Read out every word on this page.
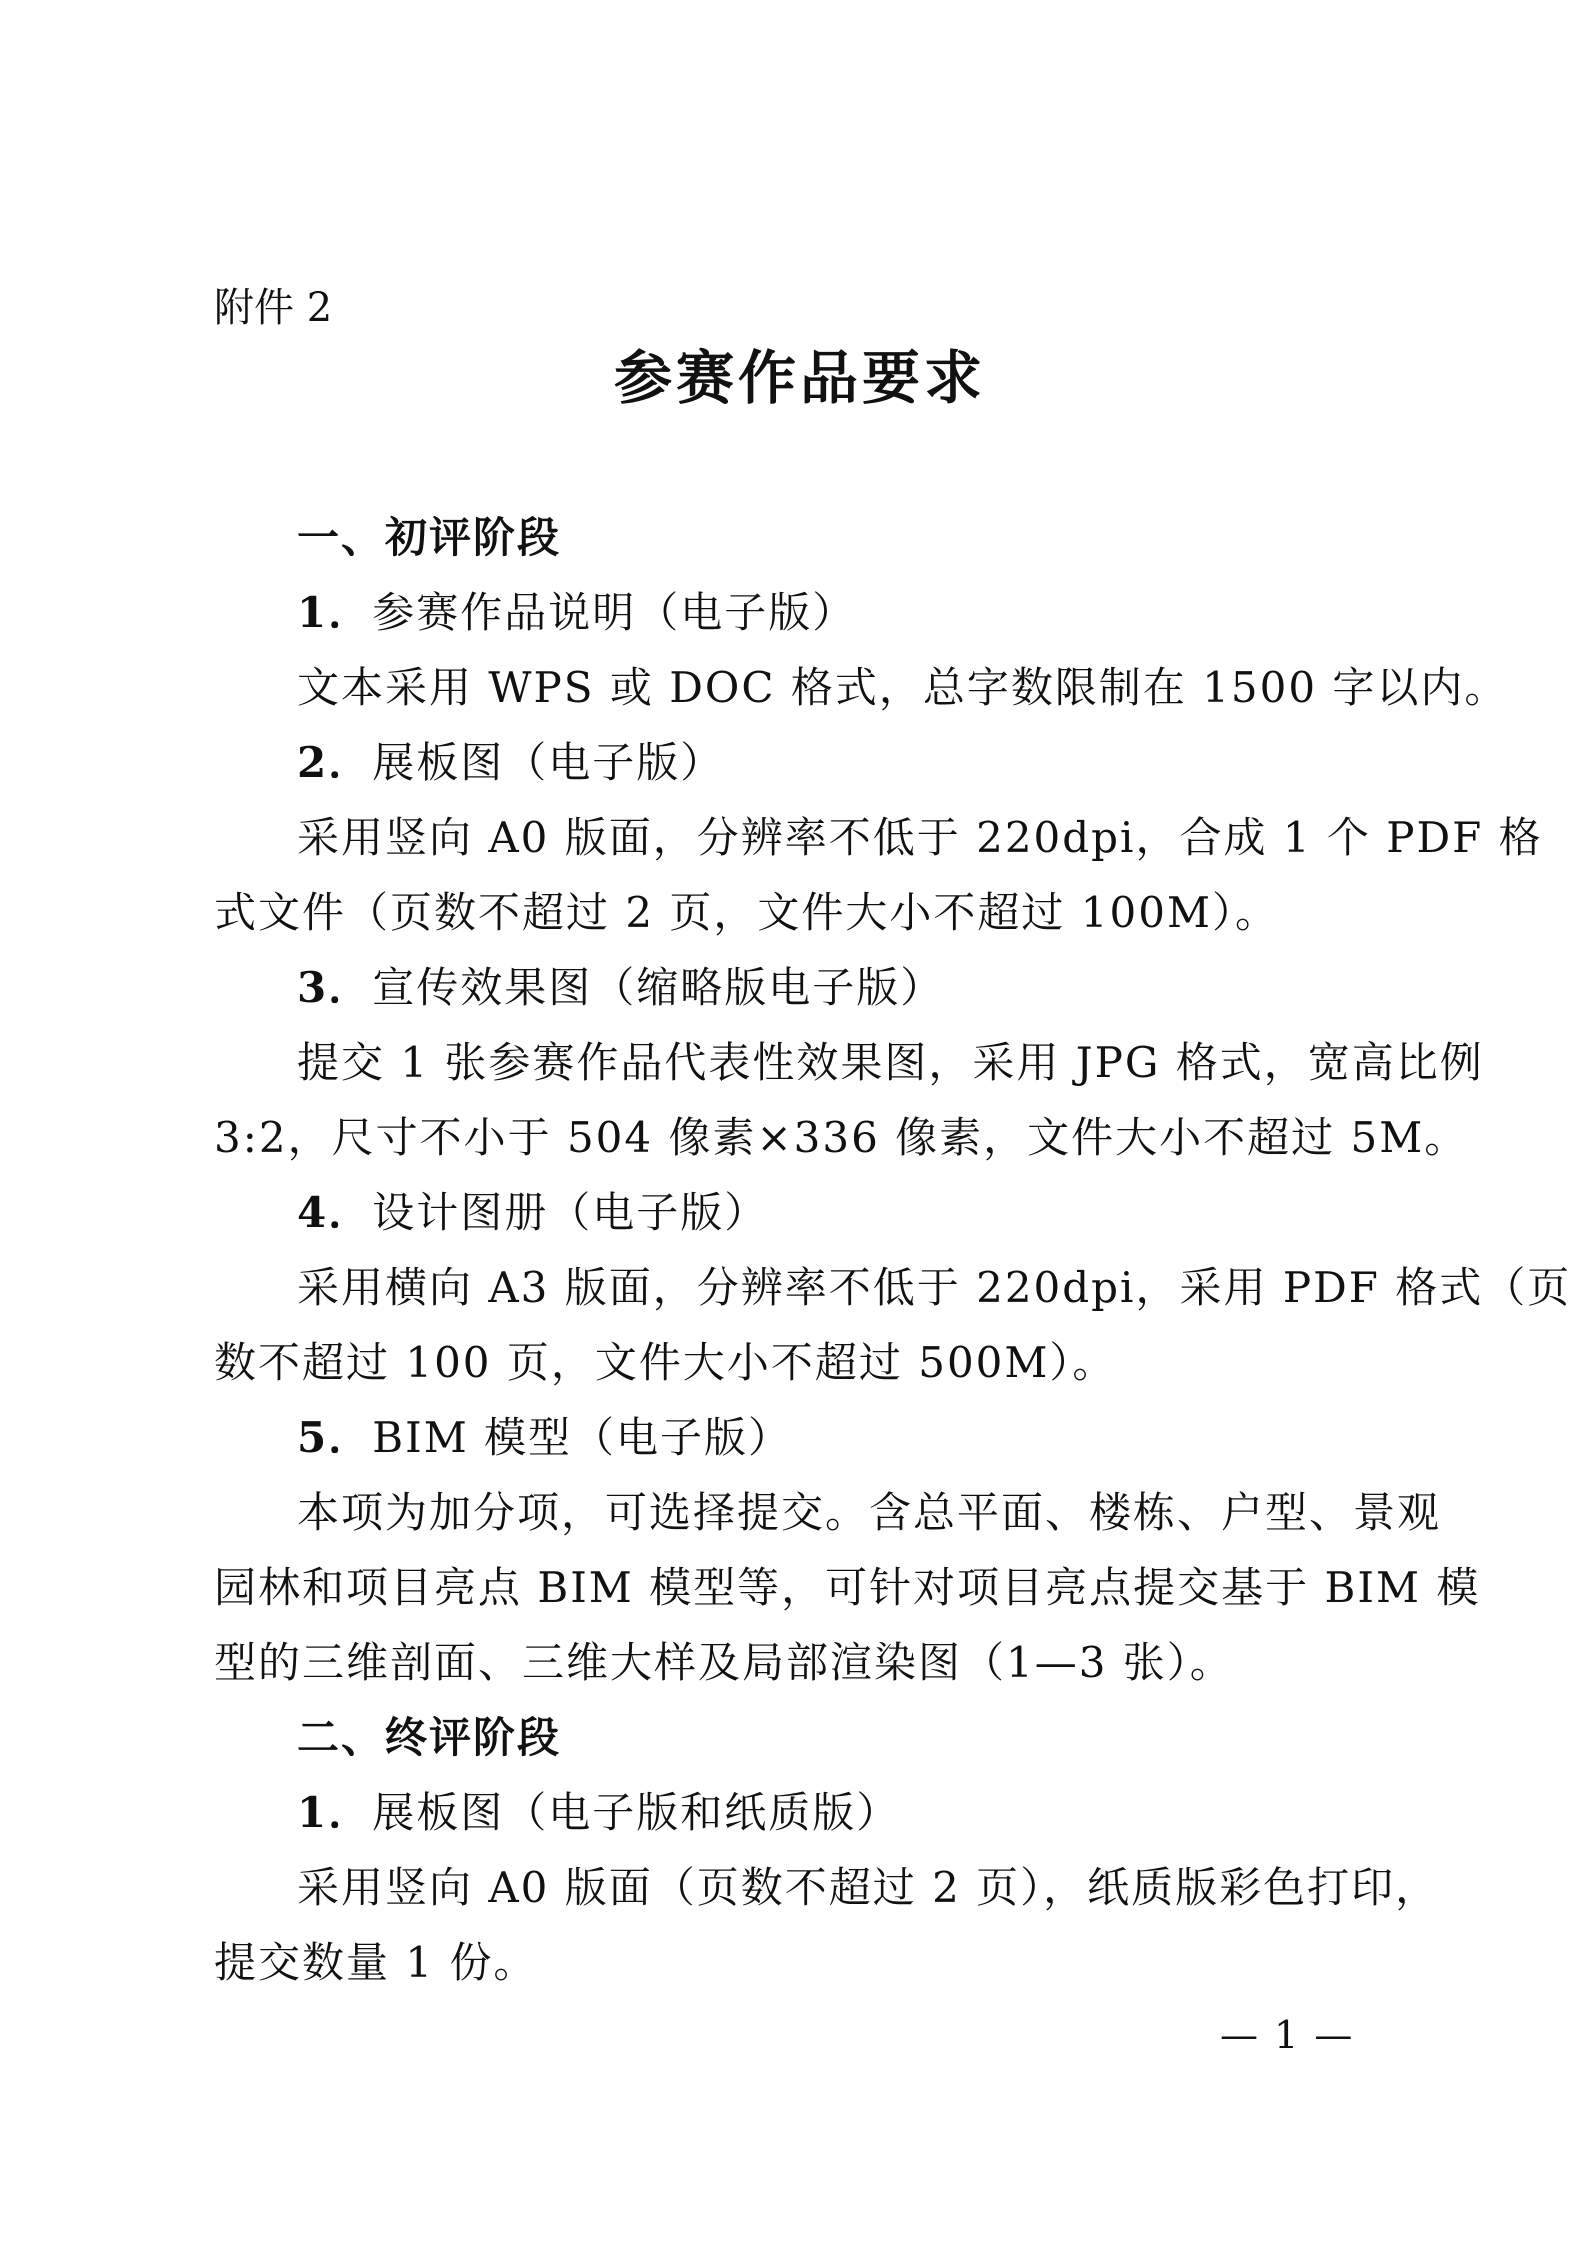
附件 2
参赛作品要求
一、初评阶段
1．参赛作品说明（电子版）
文本采用 WPS 或 DOC 格式，总字数限制在 1500 字以内。
2．展板图（电子版）
采用竖向 A0 版面，分辨率不低于 220dpi，合成 1 个 PDF 格
式文件（页数不超过 2 页，文件大小不超过 100M）。
3．宣传效果图（缩略版电子版）
提交 1 张参赛作品代表性效果图，采用 JPG 格式，宽高比例
3:2，尺寸不小于 504 像素×336 像素，文件大小不超过 5M。
4．设计图册（电子版）
采用横向 A3 版面，分辨率不低于 220dpi，采用 PDF 格式（页
数不超过 100 页，文件大小不超过 500M）。
5．BIM 模型（电子版）
本项为加分项，可选择提交。含总平面、楼栋、户型、景观
园林和项目亮点 BIM 模型等，可针对项目亮点提交基于 BIM 模
型的三维剖面、三维大样及局部渲染图（1—3 张）。
二、终评阶段
1．展板图（电子版和纸质版）
采用竖向 A0 版面（页数不超过 2 页），纸质版彩色打印，
提交数量 1 份。
— 1 —
